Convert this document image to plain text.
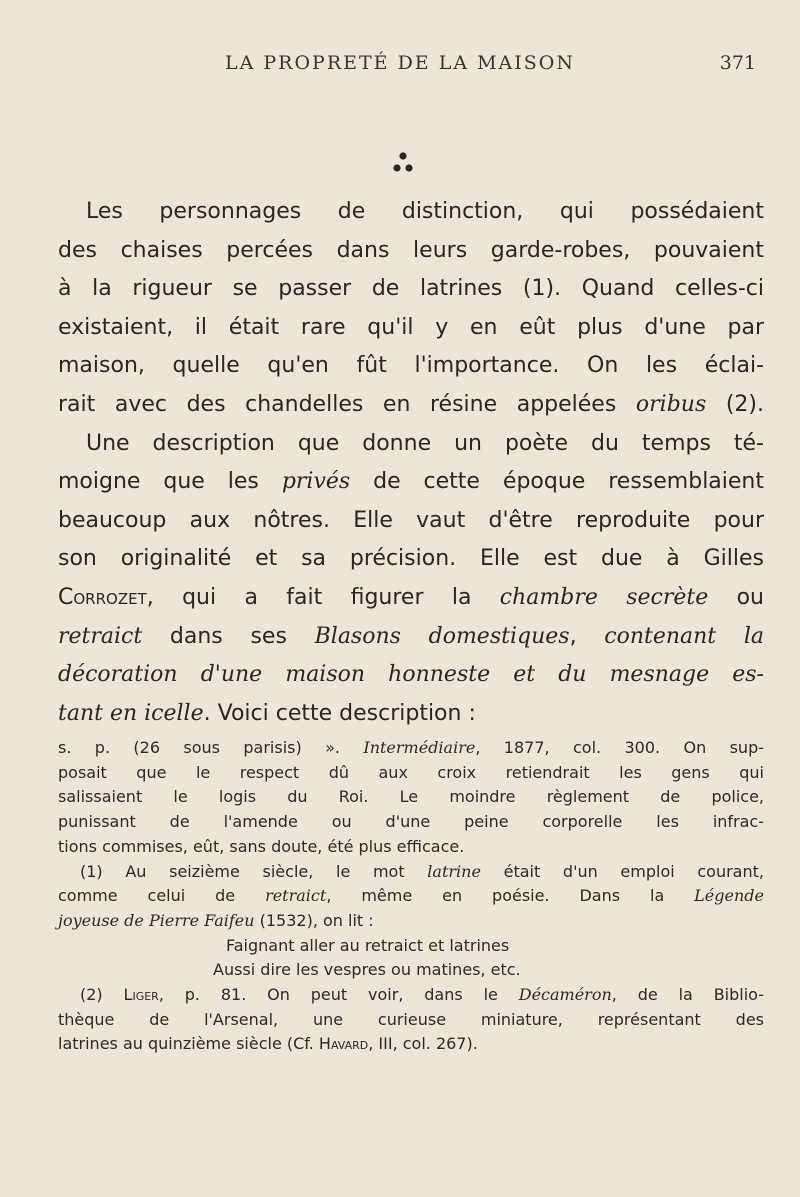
LA PROPRETÉ DE LA MAISON	371
Les personnages de distinction, qui possédaient
des chaises percées dans leurs garde-robes, pouvaient
à la rigueur se passer de latrines (1). Quand celles-ci
existaient, il était rare qu'il y en eût plus d'une par
maison, quelle qu'en fût l'importance. On les éclai-
rait avec des chandelles en résine appelées oribus (2).
Une description que donne un poète du temps té-
moigne que les privés de cette époque ressemblaient
beaucoup aux nôtres. Elle vaut d'être reproduite pour
son originalité et sa précision. Elle est due à Gilles
Corrozet, qui a fait figurer la chambre secrète ou
retraict dans ses Blasons domestiques, contenant la
décoration d'une maison honneste et du mesnage es-
tant en icelle. Voici cette description :
s. p. (26 sous parisis) ». Intermédiaire, 1877, col. 300. On sup-
posait que le respect dû aux croix retiendrait les gens qui
salissaient le logis du Roi. Le moindre règlement de police,
punissant de l'amende ou d'une peine corporelle les infrac-
tions commises, eût, sans doute, été plus efficace.
(1) Au seizième siècle, le mot latrine était d'un emploi courant,
comme celui de retraict, même en poésie. Dans la Légende
joyeuse de Pierre Faifeu (1532), on lit :
Faignant aller au retraict et latrines
Aussi dire les vespres ou matines, etc.
(2) Liger, p. 81. On peut voir, dans le Décaméron, de la Biblio-
thèque de l'Arsenal, une curieuse miniature, représentant des
latrines au quinzième siècle (Cf. Havard, III, col. 267).
